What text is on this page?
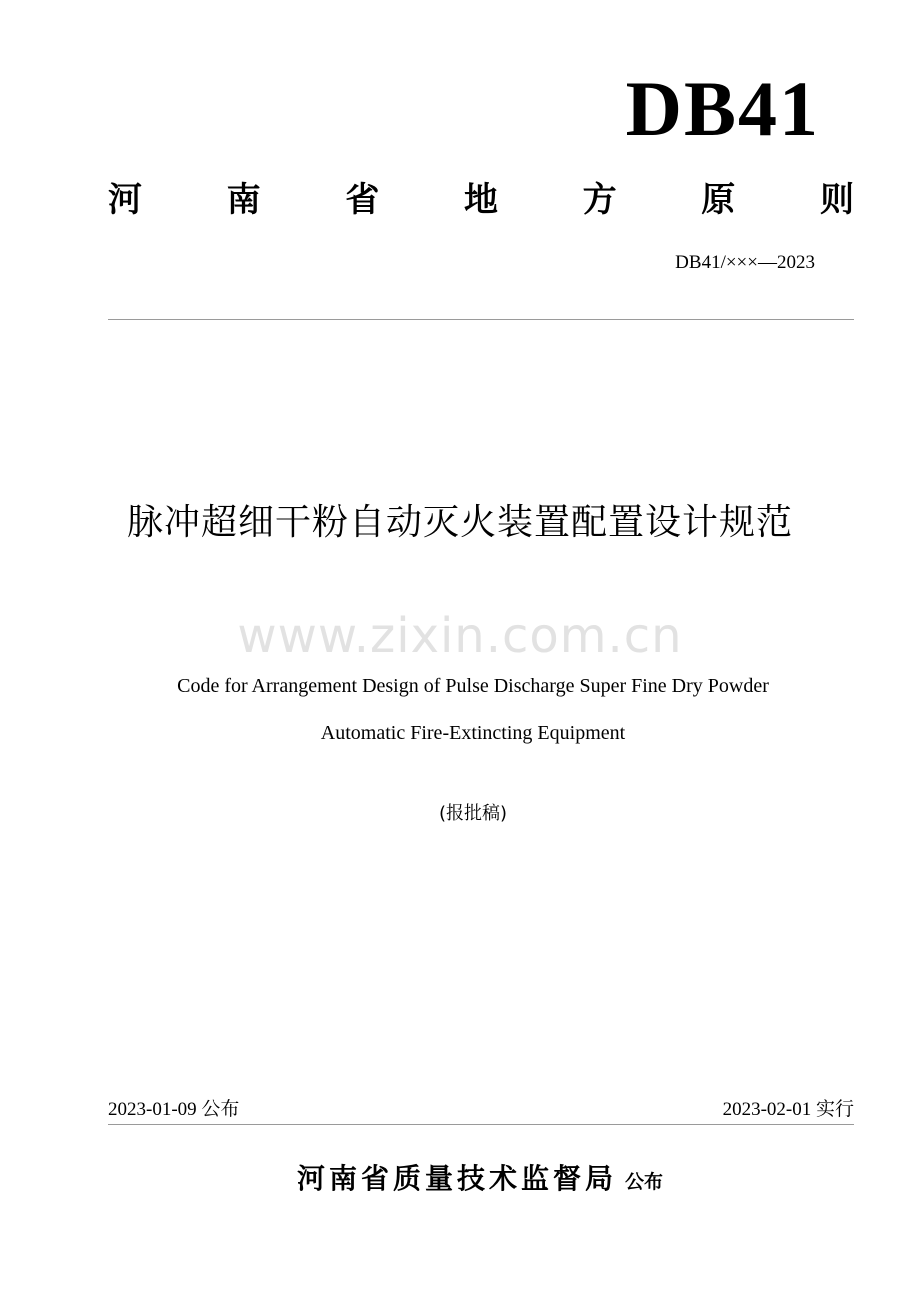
DB41
河 南 省 地 方 原 则
DB41/×××—2023
脉冲超细干粉自动灭火装置配置设计规范
www.zixin.com.cn
Code for Arrangement Design of Pulse Discharge Super Fine Dry Powder
Automatic Fire-Extincting Equipment
(报批稿)
2023-01-09 公布	2023-02-01 实行
河南省质量技术监督局 公布
